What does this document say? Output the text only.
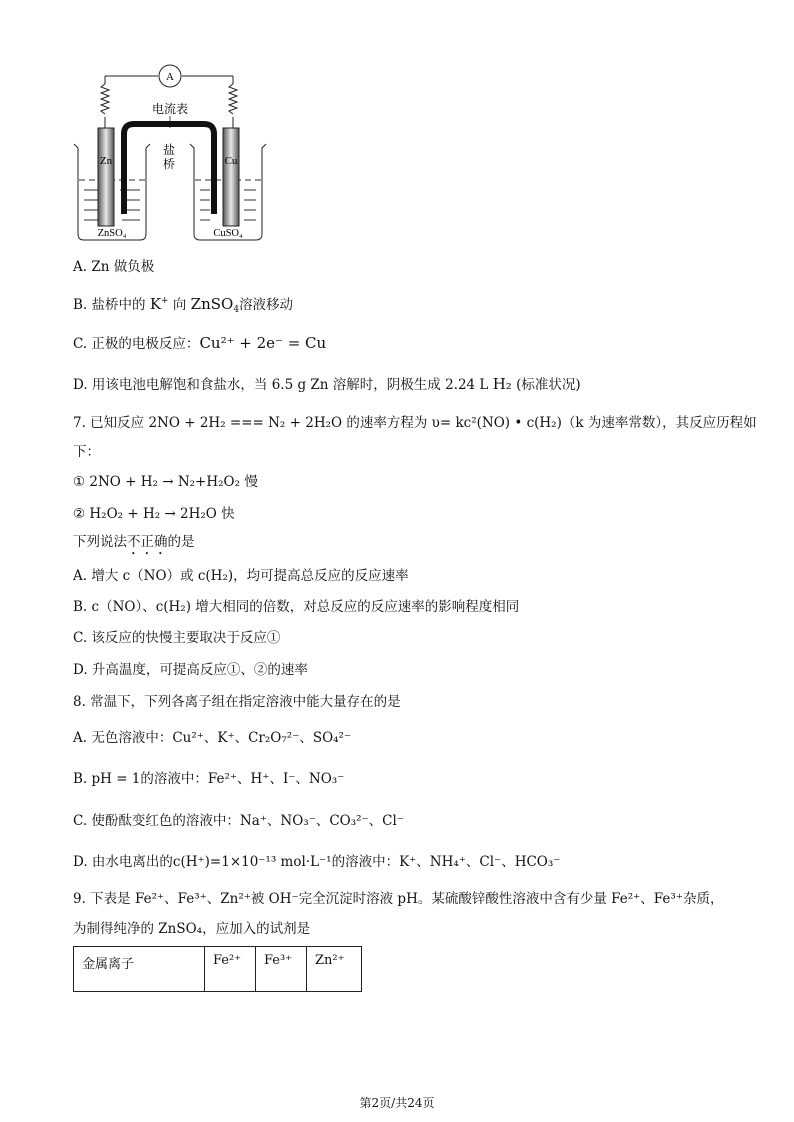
A
电流表
Zn	Cu
盐
桥
ZnSO₄	CuSO₄
A. Zn 做负极
B. 盐桥中的 K+ 向 ZnSO$_4$溶液移动
C. 正极的电极反应：Cu²⁺ + 2e⁻ = Cu
D. 用该电池电解饱和食盐水，当 6.5 g Zn 溶解时，阴极生成 2.24 L H₂ (标准状况)
7. 已知反应 2NO + 2H₂ === N₂ + 2H₂O 的速率方程为 υ= kc²(NO) • c(H₂)（k 为速率常数），其反应历程如
下：
① 2NO + H₂ → N₂+H₂O₂ 慢
② H₂O₂ + H₂ → 2H₂O 快
下列说法不正确的是
A. 增大 c（NO）或 c(H₂)，均可提高总反应的反应速率
B. c（NO）、c(H₂) 增大相同的倍数，对总反应的反应速率的影响程度相同
C. 该反应的快慢主要取决于反应①
D. 升高温度，可提高反应①、②的速率
8. 常温下，下列各离子组在指定溶液中能大量存在的是
A. 无色溶液中：Cu²⁺、K⁺、Cr₂O₇²⁻、SO₄²⁻
B. pH = 1的溶液中：Fe²⁺、H⁺、I⁻、NO₃⁻
C. 使酚酞变红色的溶液中：Na⁺、NO₃⁻、CO₃²⁻、Cl⁻
D. 由水电离出的c(H⁺)=1×10⁻¹³ mol·L⁻¹的溶液中：K⁺、NH₄⁺、Cl⁻、HCO₃⁻
9. 下表是 Fe²⁺、Fe³⁺、Zn²⁺被 OH⁻完全沉淀时溶液 pH。某硫酸锌酸性溶液中含有少量 Fe²⁺、Fe³⁺杂质，
为制得纯净的 ZnSO₄，应加入的试剂是
金属离子	Fe²⁺	Fe³⁺	Zn²⁺
第2页/共24页
